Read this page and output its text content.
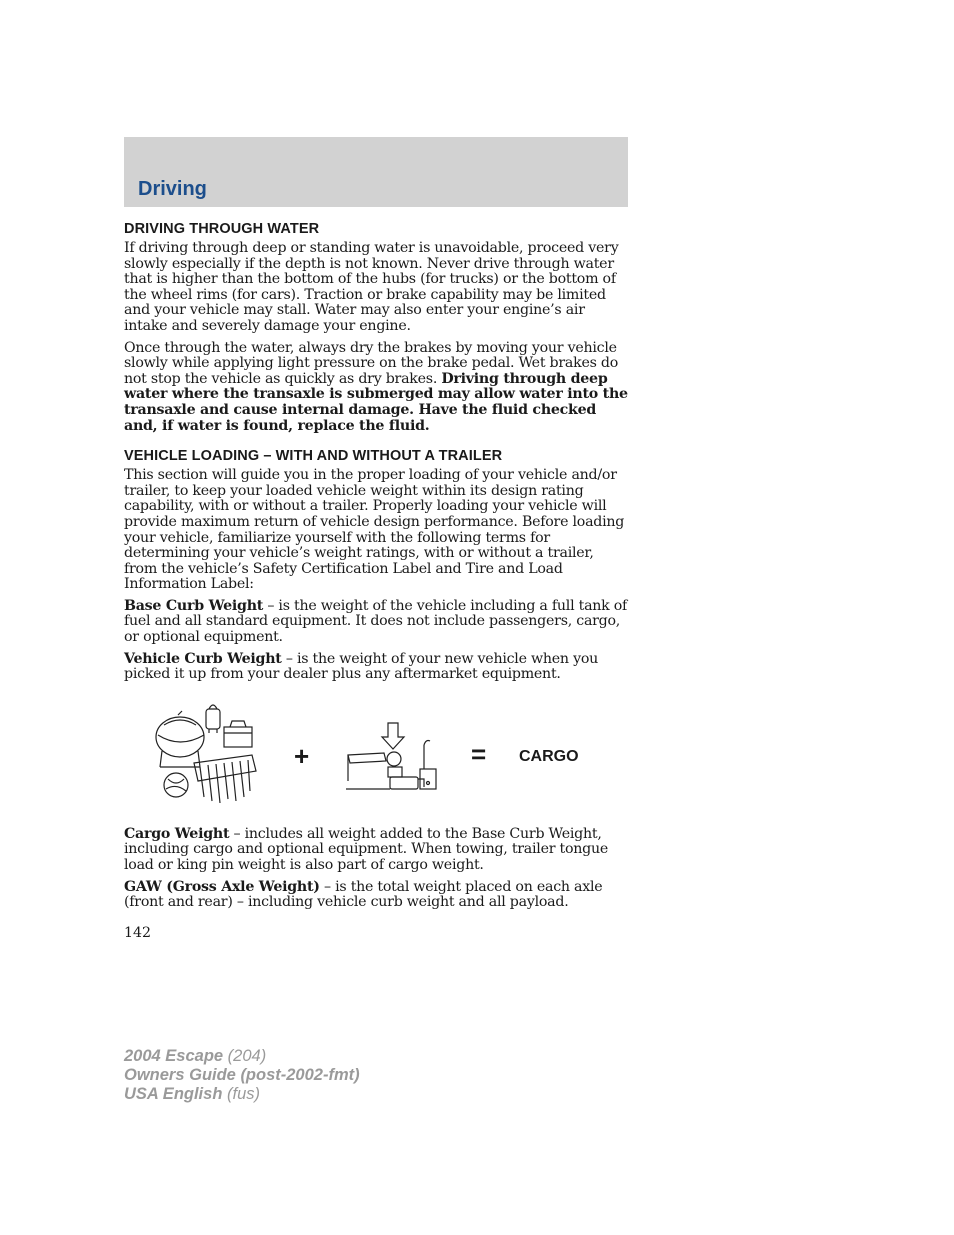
Driving
DRIVING THROUGH WATER

If driving through deep or standing water is unavoidable, proceed very slowly especially if the depth is not known. Never drive through water that is higher than the bottom of the hubs (for trucks) or the bottom of the wheel rims (for cars). Traction or brake capability may be limited and your vehicle may stall. Water may also enter your engine’s air intake and severely damage your engine.

Once through the water, always dry the brakes by moving your vehicle slowly while applying light pressure on the brake pedal. Wet brakes do not stop the vehicle as quickly as dry brakes. Driving through deep water where the transaxle is submerged may allow water into the transaxle and cause internal damage. Have the fluid checked and, if water is found, replace the fluid.

VEHICLE LOADING – WITH AND WITHOUT A TRAILER

This section will guide you in the proper loading of your vehicle and/or trailer, to keep your loaded vehicle weight within its design rating capability, with or without a trailer. Properly loading your vehicle will provide maximum return of vehicle design performance. Before loading your vehicle, familiarize yourself with the following terms for determining your vehicle’s weight ratings, with or without a trailer, from the vehicle’s Safety Certification Label and Tire and Load Information Label:

Base Curb Weight – is the weight of the vehicle including a full tank of fuel and all standard equipment. It does not include passengers, cargo, or optional equipment.

Vehicle Curb Weight – is the weight of your new vehicle when you picked it up from your dealer plus any aftermarket equipment.

+	= CARGO

Cargo Weight – includes all weight added to the Base Curb Weight, including cargo and optional equipment. When towing, trailer tongue load or king pin weight is also part of cargo weight.

GAW (Gross Axle Weight) – is the total weight placed on each axle (front and rear) – including vehicle curb weight and all payload.

142
2004 Escape (204)
Owners Guide (post-2002-fmt)
USA English (fus)
